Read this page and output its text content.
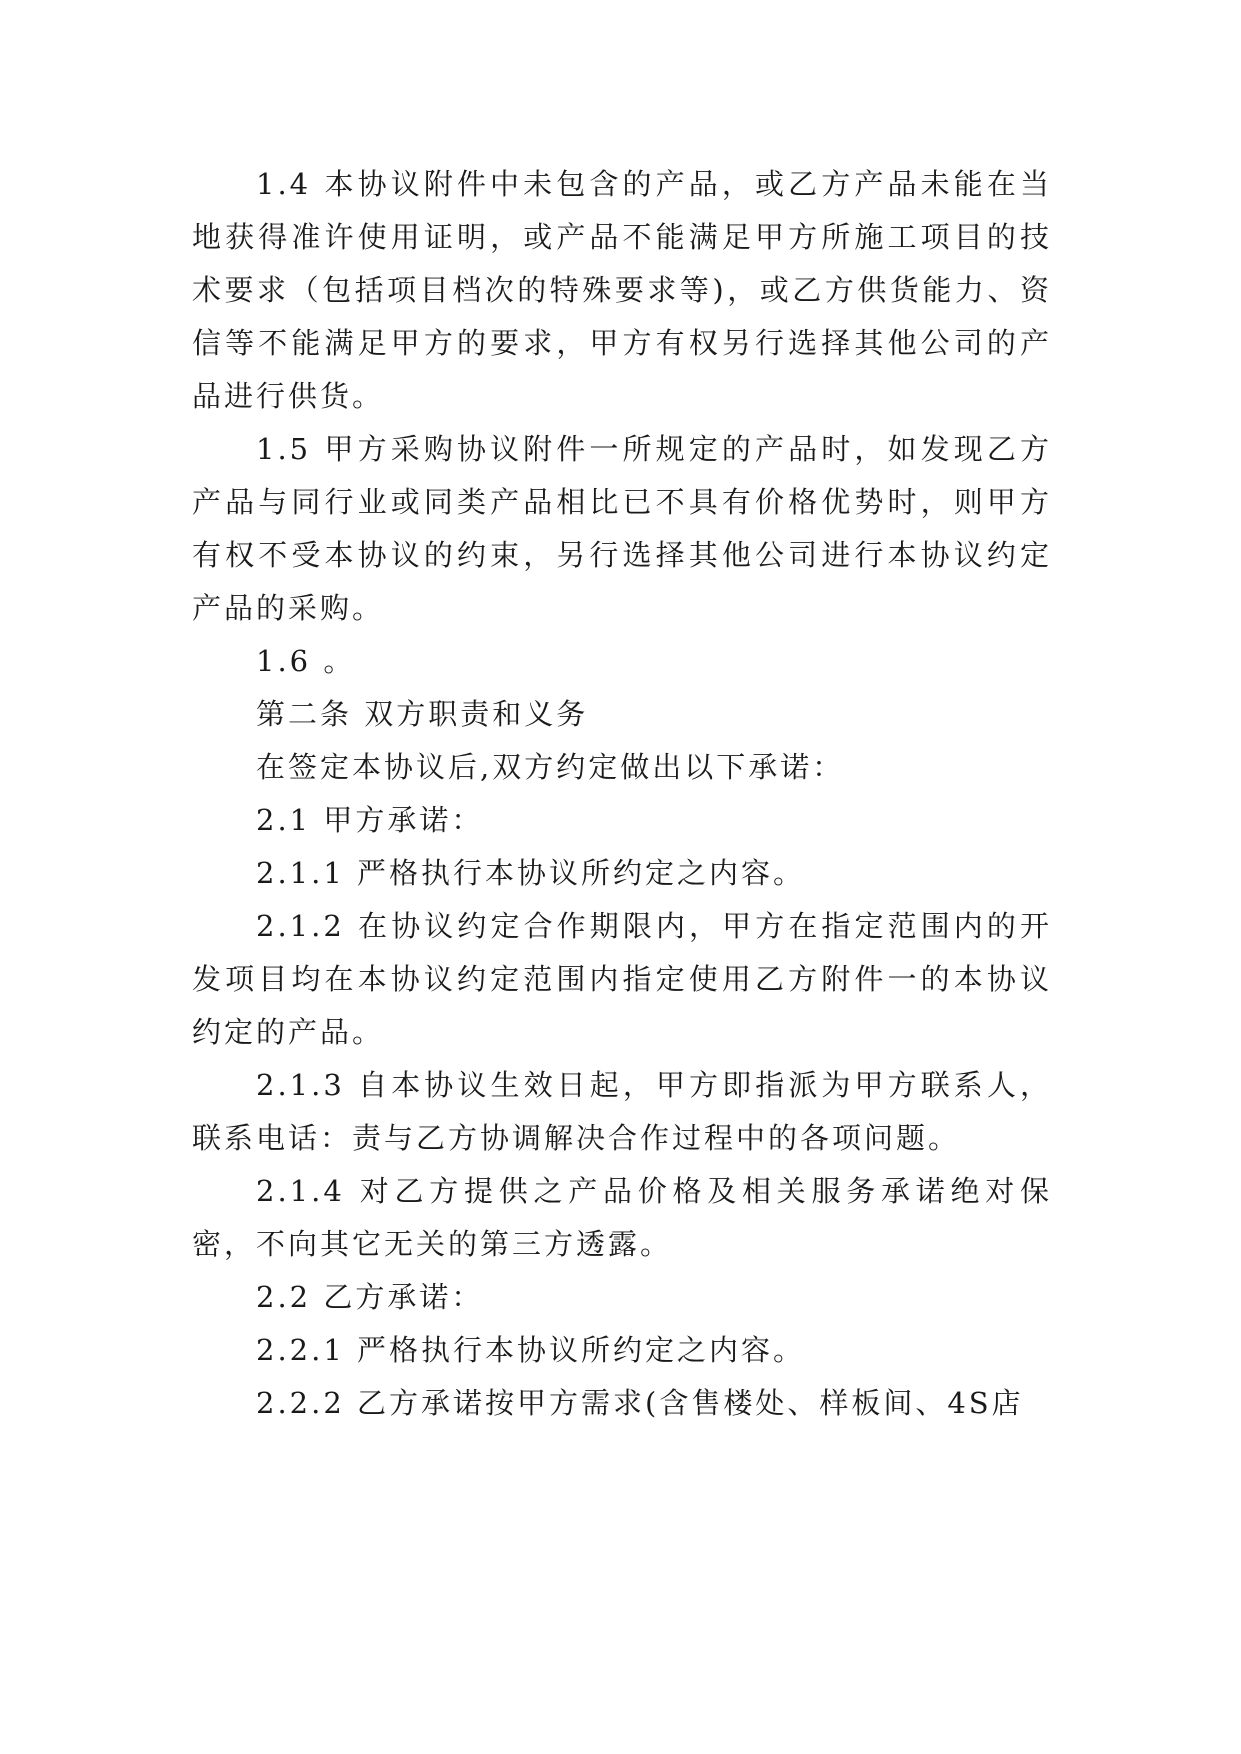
1.4 本协议附件中未包含的产品，或乙方产品未能在当地获得准许使用证明，或产品不能满足甲方所施工项目的技术要求（包括项目档次的特殊要求等)，或乙方供货能力、资信等不能满足甲方的要求，甲方有权另行选择其他公司的产品进行供货。

1.5 甲方采购协议附件一所规定的产品时，如发现乙方产品与同行业或同类产品相比已不具有价格优势时，则甲方有权不受本协议的约束，另行选择其他公司进行本协议约定产品的采购。

1.6 。

第二条 双方职责和义务

在签定本协议后,双方约定做出以下承诺：

2.1 甲方承诺：

2.1.1 严格执行本协议所约定之内容。

2.1.2 在协议约定合作期限内，甲方在指定范围内的开发项目均在本协议约定范围内指定使用乙方附件一的本协议约定的产品。

2.1.3 自本协议生效日起，甲方即指派为甲方联系人，联系电话：责与乙方协调解决合作过程中的各项问题。

2.1.4 对乙方提供之产品价格及相关服务承诺绝对保密，不向其它无关的第三方透露。

2.2 乙方承诺：

2.2.1 严格执行本协议所约定之内容。

2.2.2 乙方承诺按甲方需求(含售楼处、样板间、4S店
